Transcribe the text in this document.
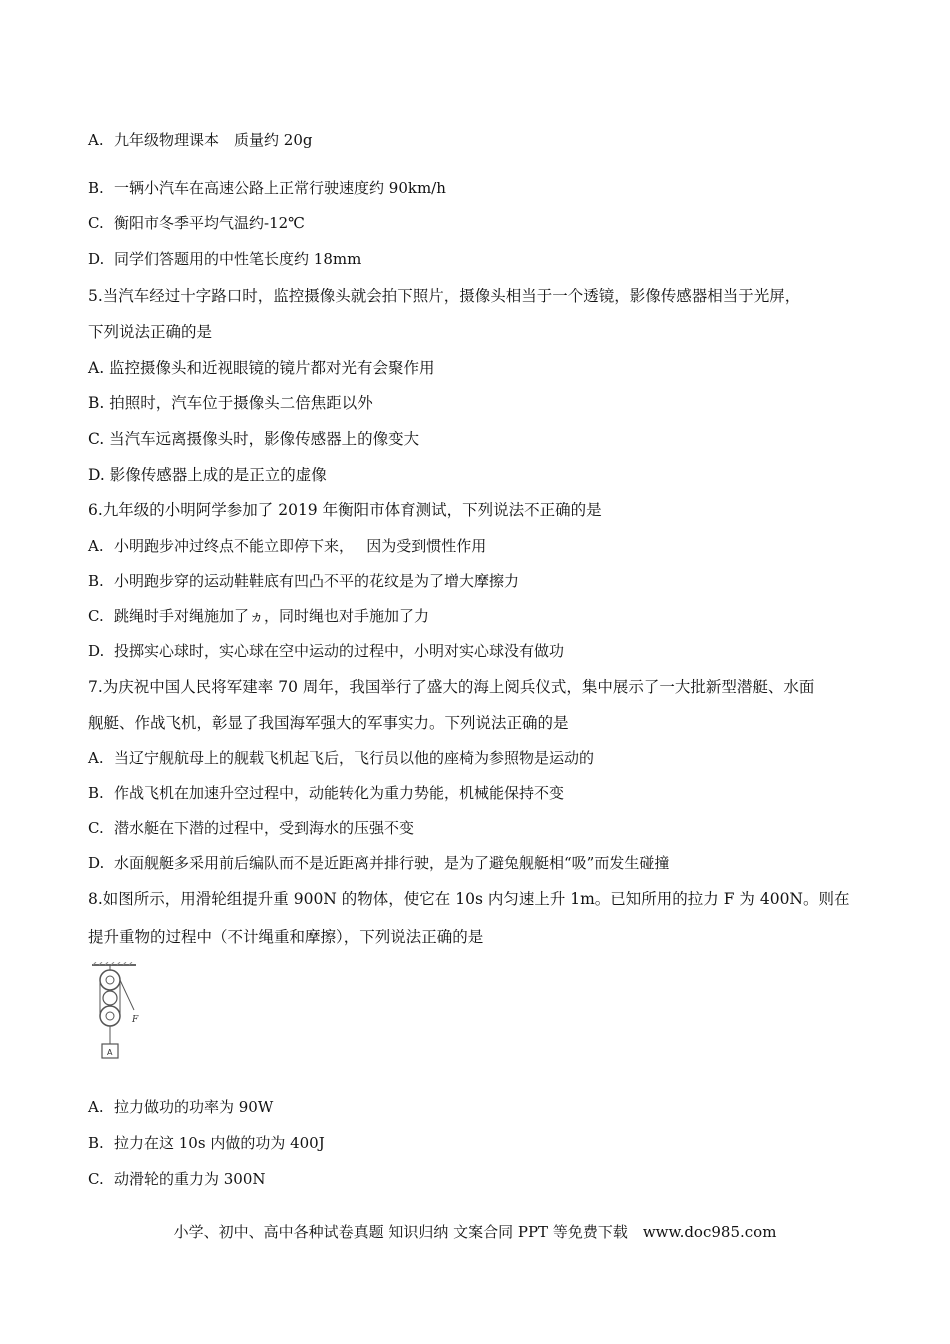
A. 九年级物理课本　质量约 20g
B. 一辆小汽车在高速公路上正常行驶速度约 90km/h
C. 衡阳市冬季平均气温约-12℃
D. 同学们答题用的中性笔长度约 18mm
5.当汽车经过十字路口时，监控摄像头就会拍下照片，摄像头相当于一个透镜，影像传感器相当于光屏，
下列说法正确的是
A. 监控摄像头和近视眼镜的镜片都对光有会聚作用
B. 拍照时，汽车位于摄像头二倍焦距以外
C. 当汽车远离摄像头时，影像传感器上的像变大
D. 影像传感器上成的是正立的虚像
6.九年级的小明阿学参加了 2019 年衡阳市体育测试，下列说法不正确的是
A. 小明跑步冲过终点不能立即停下来，　 因为受到惯性作用
B. 小明跑步穿的运动鞋鞋底有凹凸不平的花纹是为了增大摩擦力
C. 跳绳时手对绳施加了ヵ，同时绳也对手施加了力
D. 投掷实心球时，实心球在空中运动的过程中，小明对实心球没有做功
7.为庆祝中国人民将军建率 70 周年，我国举行了盛大的海上阅兵仪式，集中展示了一大批新型潜艇、水面
舰艇、作战飞机，彰显了我国海军强大的军事实力。下列说法正确的是
A. 当辽宁舰航母上的舰载飞机起飞后，飞行员以他的座椅为参照物是运动的
B. 作战飞机在加速升空过程中，动能转化为重力势能，机械能保持不变
C. 潜水艇在下潜的过程中，受到海水的压强不变
D. 水面舰艇多采用前后编队而不是近距离并排行驶，是为了避兔舰艇相“吸”而发生碰撞
8.如图所示，用滑轮组提升重 900N 的物体，使它在 10s 内匀速上升 1m。已知所用的拉力 F 为 400N。则在
提升重物的过程中（不计绳重和摩擦），下列说法正确的是
F
A
A. 拉力做功的功率为 90W
B. 拉力在这 10s 内做的功为 400J
C. 动滑轮的重力为 300N
小学、初中、高中各种试卷真题 知识归纳 文案合同 PPT 等免费下载　www.doc985.com
